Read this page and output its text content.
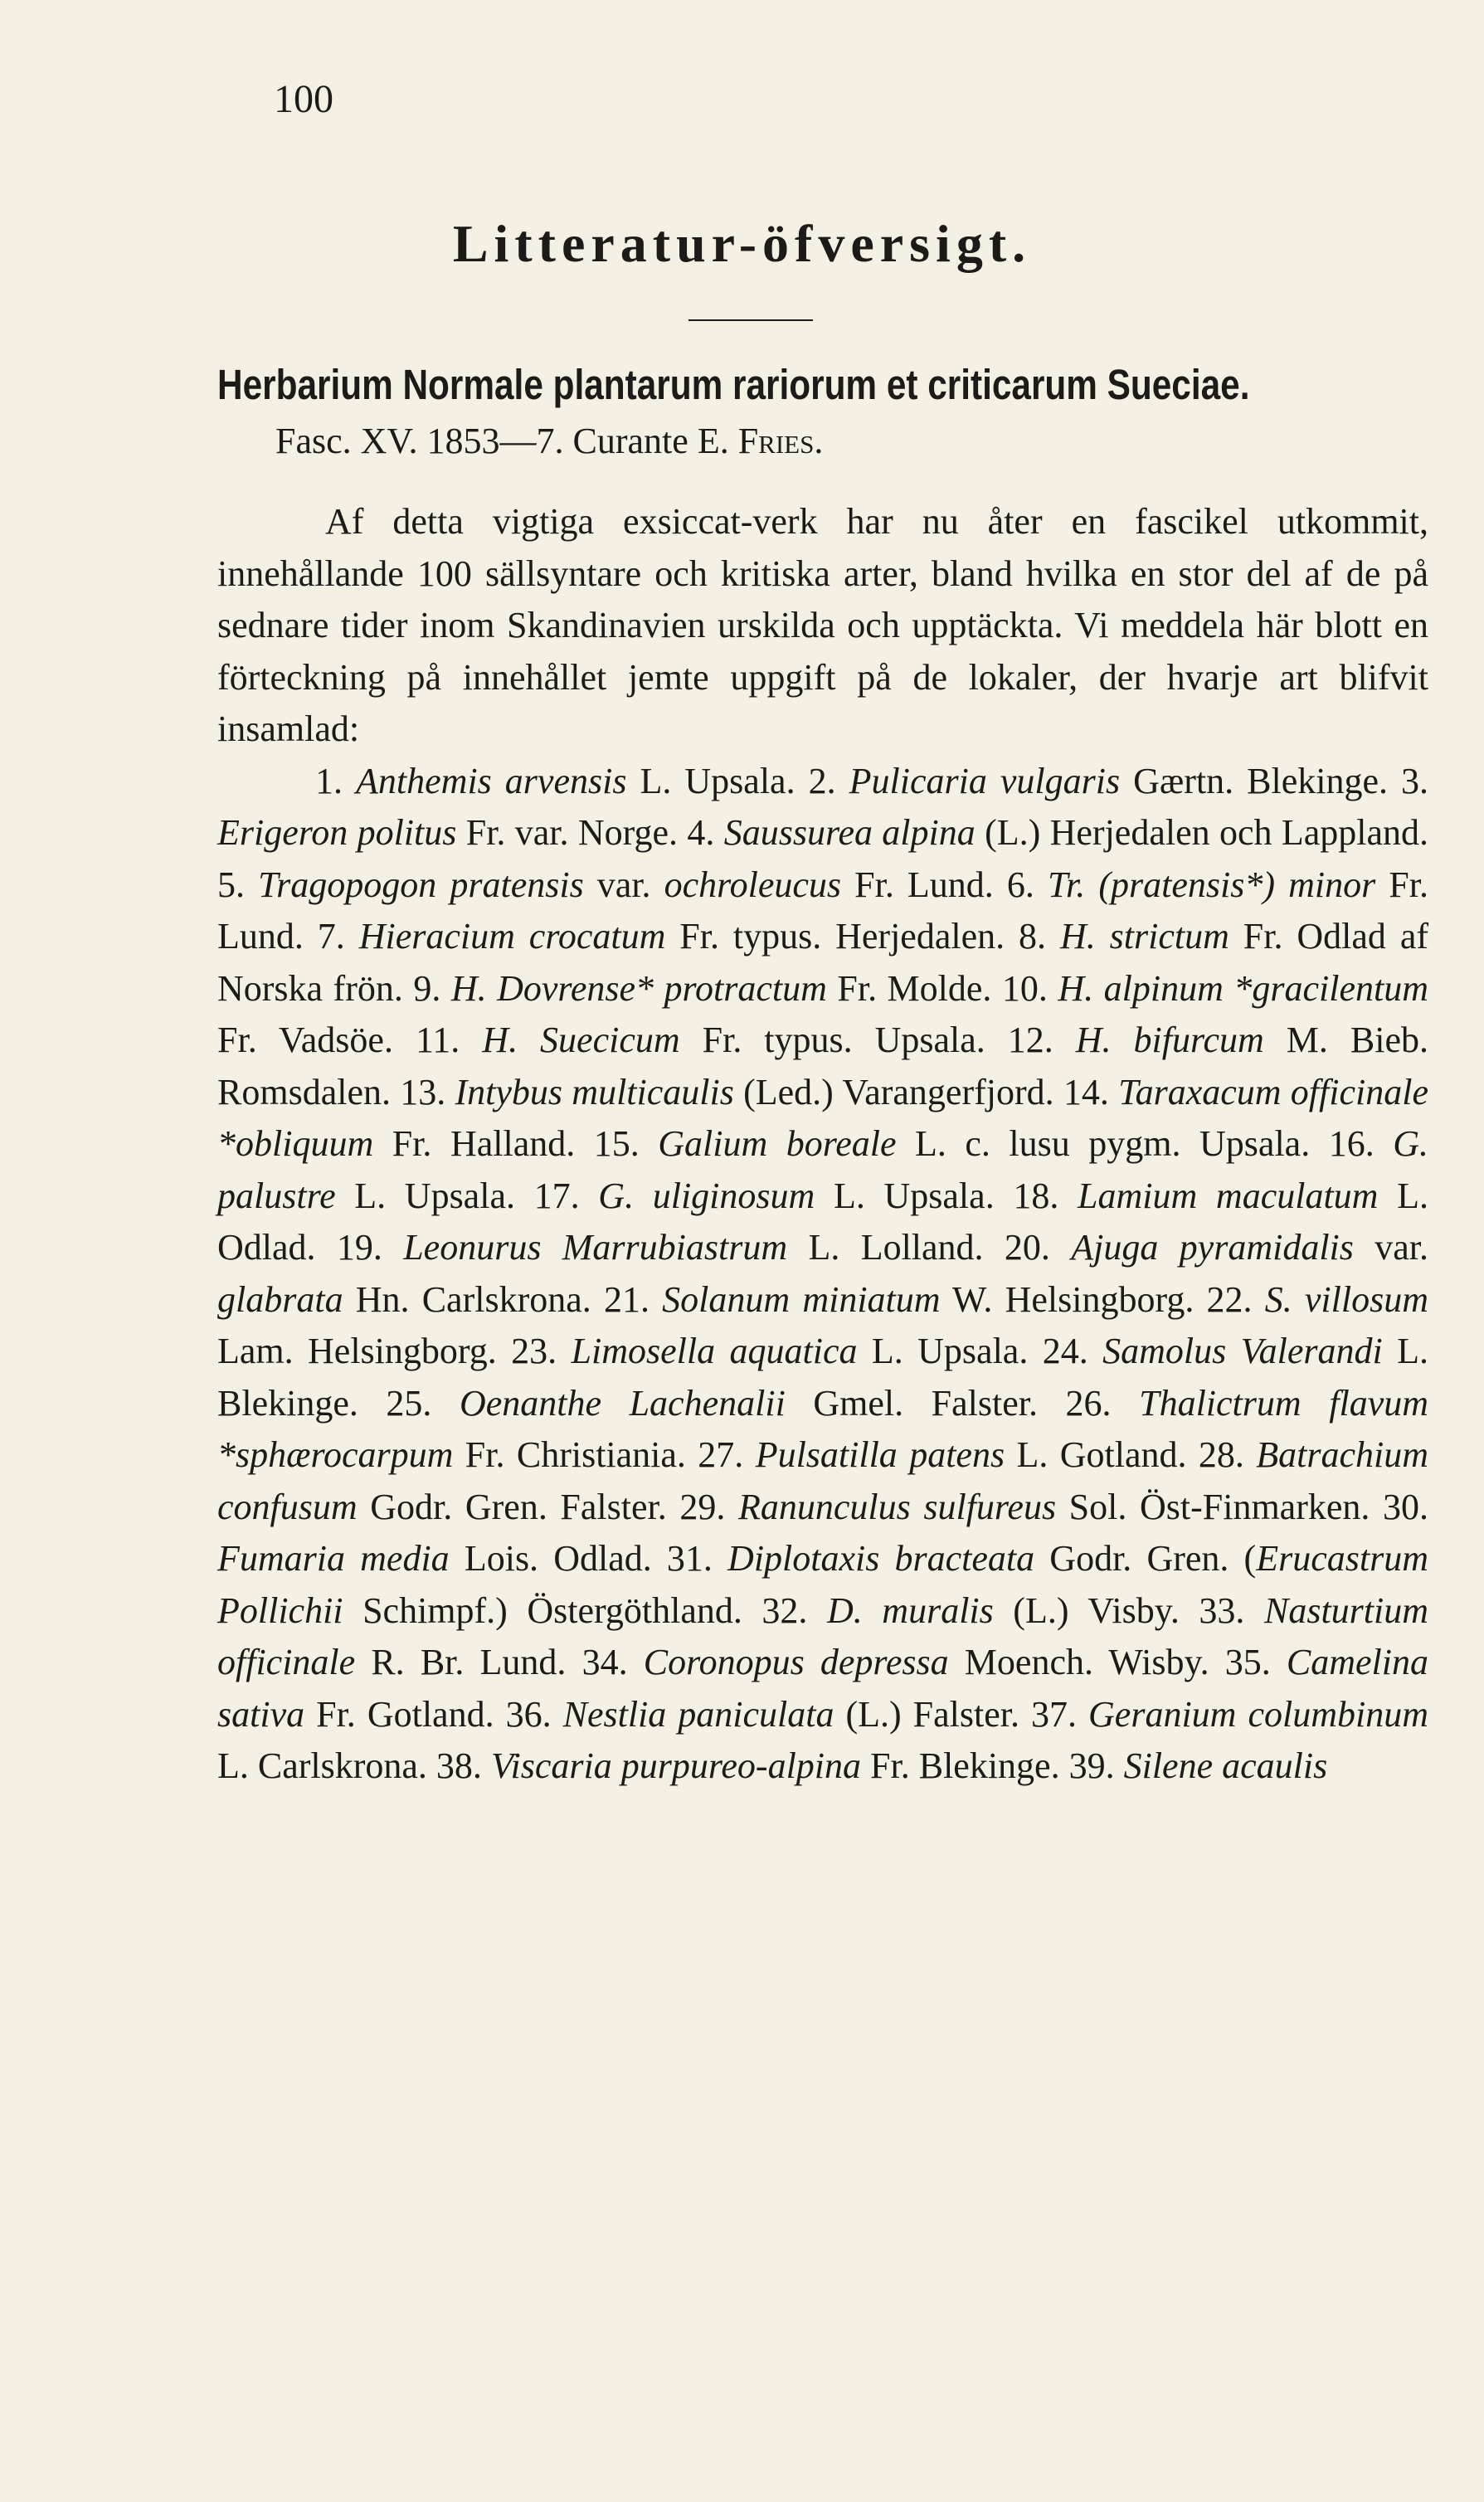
100
Litteratur-öfversigt.
Herbarium Normale plantarum rariorum et criticarum Sueciae.
Fasc. XV. 1853—7. Curante E. Fries.

Af detta vigtiga exsiccat-verk har nu åter en fascikel utkommit, innehållande 100 sällsyntare och kritiska arter, bland hvilka en stor del af de på sednare tider inom Skandinavien urskilda och upptäckta. Vi meddela här blott en förteckning på innehållet jemte uppgift på de lokaler, der hvarje art blifvit insamlad:

1. Anthemis arvensis L. Upsala. 2. Pulicaria vulgaris Gærtn. Blekinge. 3. Erigeron politus Fr. var. Norge. 4. Saussurea alpina (L.) Herjedalen och Lappland. 5. Tragopogon pratensis var. ochroleucus Fr. Lund. 6. Tr. (pratensis*) minor Fr. Lund. 7. Hieracium crocatum Fr. typus. Herjedalen. 8. H. strictum Fr. Odlad af Norska frön. 9. H. Dovrense* protractum Fr. Molde. 10. H. alpinum *gracilentum Fr. Vadsöe. 11. H. Suecicum Fr. typus. Upsala. 12. H. bifurcum M. Bieb. Romsdalen. 13. Intybus multicaulis (Led.) Varangerfjord. 14. Taraxacum officinale *obliquum Fr. Halland. 15. Galium boreale L. c. lusu pygm. Upsala. 16. G. palustre L. Upsala. 17. G. uliginosum L. Upsala. 18. Lamium maculatum L. Odlad. 19. Leonurus Marrubiastrum L. Lolland. 20. Ajuga pyramidalis var. glabrata Hn. Carlskrona. 21. Solanum miniatum W. Helsingborg. 22. S. villosum Lam. Helsingborg. 23. Limosella aquatica L. Upsala. 24. Samolus Valerandi L. Blekinge. 25. Oenanthe Lachenalii Gmel. Falster. 26. Thalictrum flavum *sphærocarpum Fr. Christiania. 27. Pulsatilla patens L. Gotland. 28. Batrachium confusum Godr. Gren. Falster. 29. Ranunculus sulfureus Sol. Öst-Finmarken. 30. Fumaria media Lois. Odlad. 31. Diplotaxis bracteata Godr. Gren. (Erucastrum Pollichii Schimpf.) Östergöthland. 32. D. muralis (L.) Visby. 33. Nasturtium officinale R. Br. Lund. 34. Coronopus depressa Moench. Wisby. 35. Camelina sativa Fr. Gotland. 36. Nestlia paniculata (L.) Falster. 37. Geranium columbinum L. Carlskrona. 38. Viscaria purpureo-alpina Fr. Blekinge. 39. Silene acaulis
